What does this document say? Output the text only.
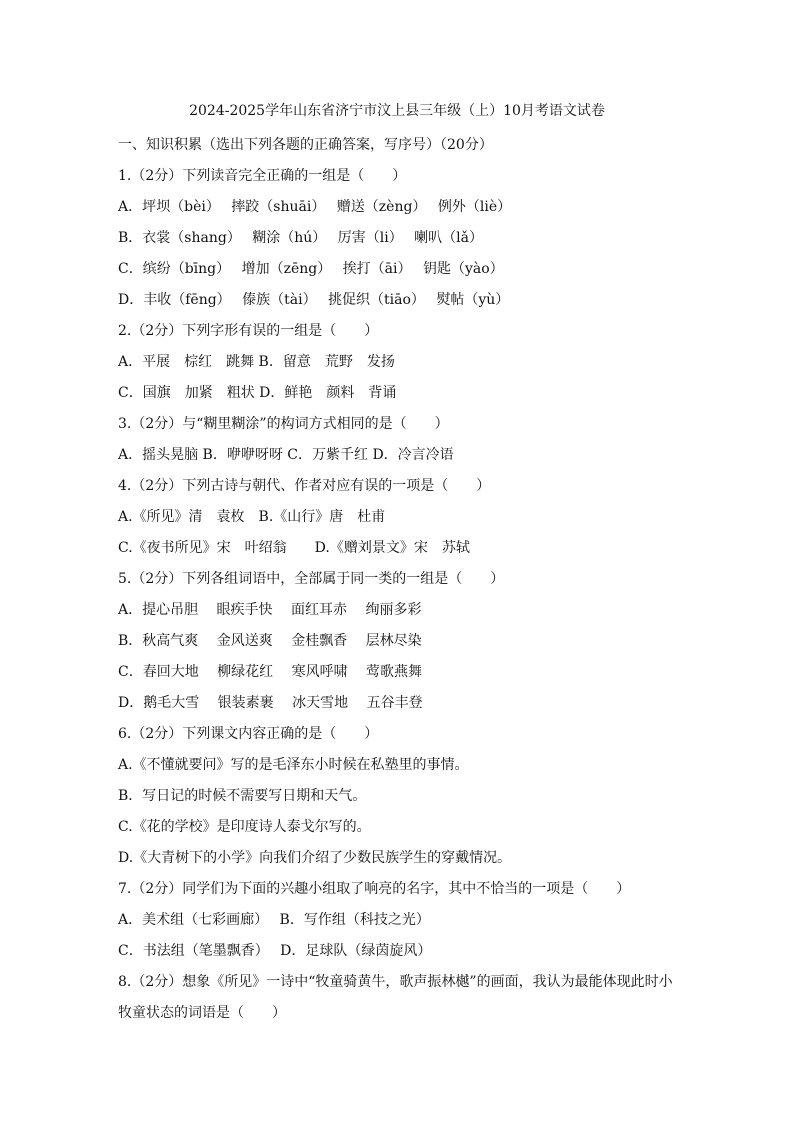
2024-2025学年山东省济宁市汶上县三年级（上）10月考语文试卷
一、知识积累（选出下列各题的正确答案，写序号）（20分）
1.（2分）下列读音完全正确的一组是（　　）
A．坪坝（bèi）　 摔跤（shuāi）　 赠送（zèng）　 例外（liè）
B．衣裳（shang）　 糊涂（hú）　 厉害（li）　 喇叭（lǎ）
C．缤纷（bīng）　 增加（zēng）　 挨打（āi）　 钥匙（yào）
D．丰收（fēng）　 傣族（tài）　 挑促织（tiāo）　 熨帖（yù）
2.（2分）下列字形有误的一组是（　　）
A．平展　棕红　跳舞 B．留意　荒野　发扬
C．国旗　加紧　粗状 D．鲜艳　颜料　背诵
3.（2分）与“糊里糊涂”的构词方式相同的是（　　）
A．摇头晃脑 B．咿咿呀呀 C．万紫千红 D．冷言冷语
4.（2分）下列古诗与朝代、作者对应有误的一项是（　　）
A.《所见》清　袁枚　B.《山行》唐　杜甫
C.《夜书所见》宋　叶绍翁　　D.《赠刘景文》宋　苏轼
5.（2分）下列各组词语中，全部属于同一类的一组是（　　）
A．提心吊胆　 眼疾手快　 面红耳赤　 绚丽多彩
B．秋高气爽　 金风送爽　 金桂飘香　 层林尽染
C．春回大地　 柳绿花红　 寒风呼啸　 莺歌燕舞
D．鹅毛大雪　 银装素裹　 冰天雪地　 五谷丰登
6.（2分）下列课文内容正确的是（　　）
A.《不懂就要问》写的是毛泽东小时候在私塾里的事情。
B．写日记的时候不需要写日期和天气。
C.《花的学校》是印度诗人泰戈尔写的。
D.《大青树下的小学》向我们介绍了少数民族学生的穿戴情况。
7.（2分）同学们为下面的兴趣小组取了响亮的名字，其中不恰当的一项是（　　）
A．美术组（七彩画廊）　 B．写作组（科技之光）
C．书法组（笔墨飘香）　 D．足球队（绿茵旋风）
8.（2分）想象《所见》一诗中“牧童骑黄牛，歌声振林樾”的画面，我认为最能体现此时小
牧童状态的词语是（　　）
